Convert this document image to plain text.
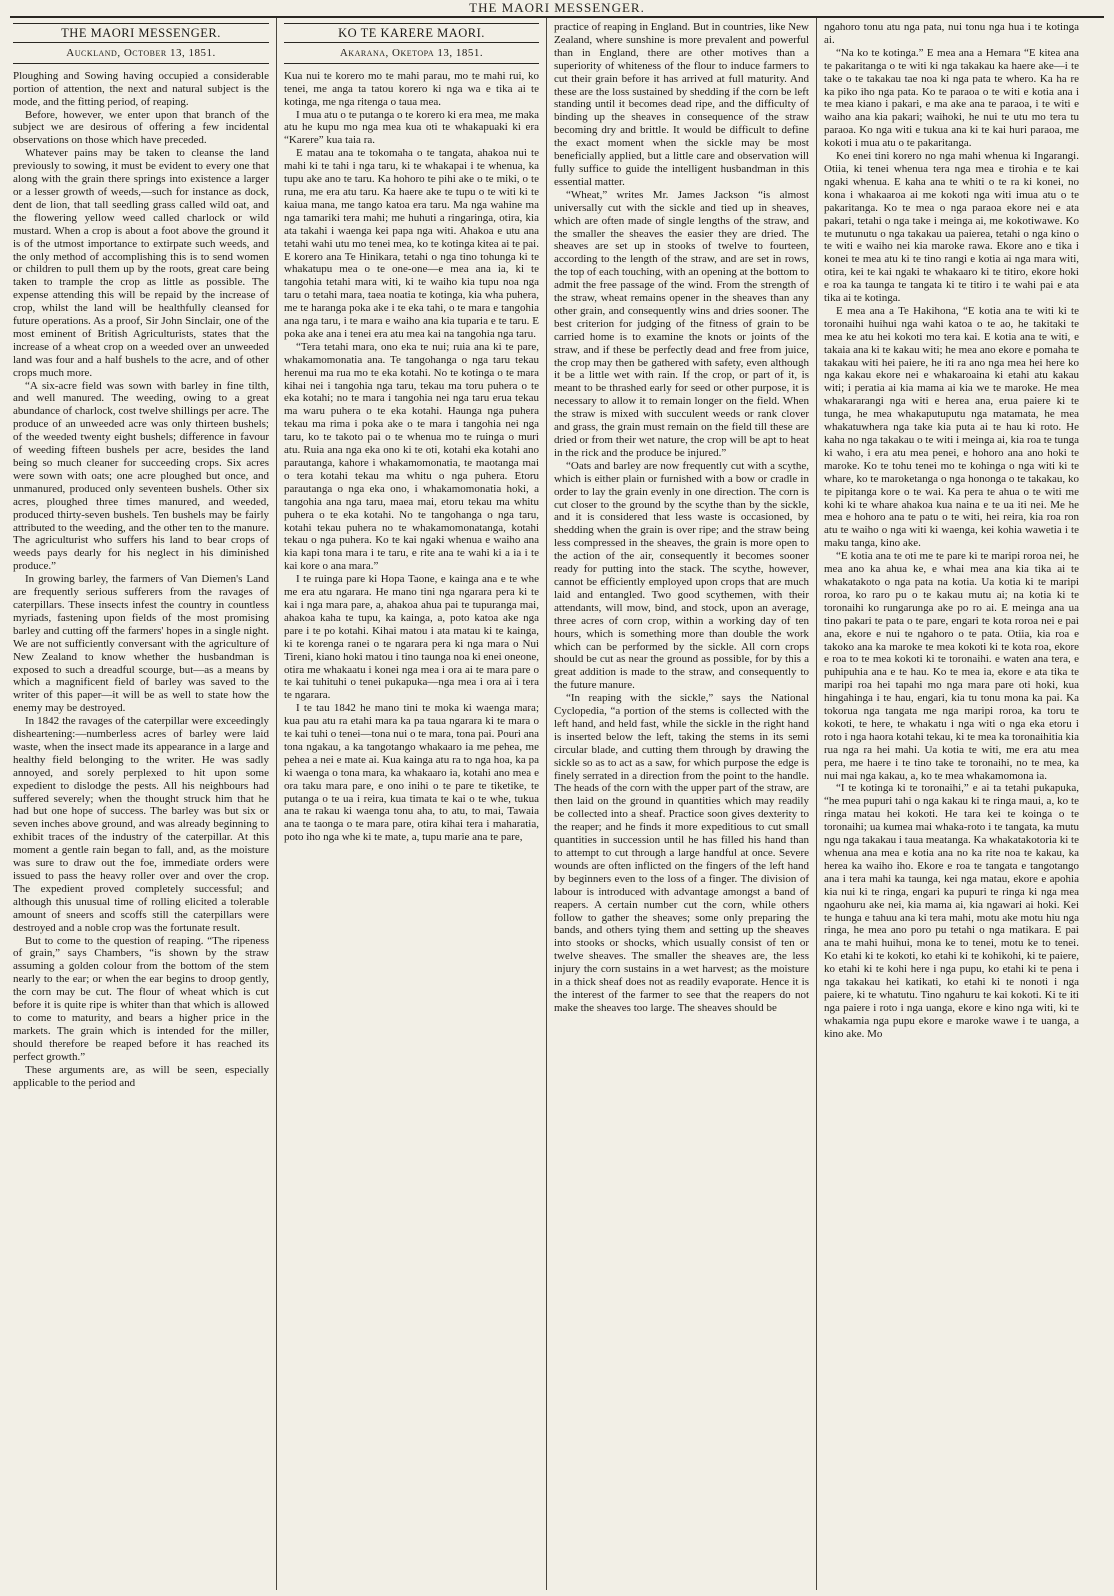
THE MAORI MESSENGER.
THE MAORI MESSENGER.
Auckland, October 13, 1851.

Ploughing and Sowing having occupied a considerable portion of attention, the next and natural subject is the mode, and the fitting period, of reaping.

Before, however, we enter upon that branch of the subject we are desirous of offering a few incidental observations on those which have preceded.

Whatever pains may be taken to cleanse the land previously to sowing, it must be evident to every one that along with the grain there springs into existence a larger or a lesser growth of weeds,—such for instance as dock, dent de lion, that tall seedling grass called wild oat, and the flowering yellow weed called charlock or wild mustard. When a crop is about a foot above the ground it is of the utmost importance to extirpate such weeds, and the only method of accomplishing this is to send women or children to pull them up by the roots, great care being taken to trample the crop as little as possible. The expense attending this will be repaid by the increase of crop, whilst the land will be healthfully cleansed for future operations. As a proof, Sir John Sinclair, one of the most eminent of British Agriculturists, states that the increase of a wheat crop on a weeded over an unweeded land was four and a half bushels to the acre, and of other crops much more.

“A six-acre field was sown with barley in fine tilth, and well manured. The weeding, owing to a great abundance of charlock, cost twelve shillings per acre. The produce of an unweeded acre was only thirteen bushels; of the weeded twenty eight bushels; difference in favour of weeding fifteen bushels per acre, besides the land being so much cleaner for succeeding crops. Six acres were sown with oats; one acre ploughed but once, and unmanured, produced only seventeen bushels. Other six acres, ploughed three times manured, and weeded, produced thirty-seven bushels. Ten bushels may be fairly attributed to the weeding, and the other ten to the manure. The agriculturist who suffers his land to bear crops of weeds pays dearly for his neglect in his diminished produce.”

In growing barley, the farmers of Van Diemen's Land are frequently serious sufferers from the ravages of caterpillars. These insects infest the country in countless myriads, fastening upon fields of the most promising barley and cutting off the farmers' hopes in a single night. We are not sufficiently conversant with the agriculture of New Zealand to know whether the husbandman is exposed to such a dreadful scourge, but—as a means by which a magnificent field of barley was saved to the writer of this paper—it will be as well to state how the enemy may be destroyed.

In 1842 the ravages of the caterpillar were exceedingly disheartening:—numberless acres of barley were laid waste, when the insect made its appearance in a large and healthy field belonging to the writer. He was sadly annoyed, and sorely perplexed to hit upon some expedient to dislodge the pests. All his neighbours had suffered severely; when the thought struck him that he had but one hope of success. The barley was but six or seven inches above ground, and was already beginning to exhibit traces of the industry of the caterpillar. At this moment a gentle rain began to fall, and, as the moisture was sure to draw out the foe, immediate orders were issued to pass the heavy roller over and over the crop. The expedient proved completely successful; and although this unusual time of rolling elicited a tolerable amount of sneers and scoffs still the caterpillars were destroyed and a noble crop was the fortunate result.

But to come to the question of reaping. “The ripeness of grain,” says Chambers, “is shown by the straw assuming a golden colour from the bottom of the stem nearly to the ear; or when the ear begins to droop gently, the corn may be cut. The flour of wheat which is cut before it is quite ripe is whiter than that which is allowed to come to maturity, and bears a higher price in the markets. The grain which is intended for the miller, should therefore be reaped before it has reached its perfect growth.”

These arguments are, as will be seen, especially applicable to the period and

KO TE KARERE MAORI.
Akarana, Oketopa 13, 1851.

Kua nui te korero mo te mahi parau, mo te mahi rui, ko tenei, me anga ta tatou korero ki nga wa e tika ai te kotinga, me nga ritenga o taua mea.

I mua atu o te putanga o te korero ki era mea, me maka atu he kupu mo nga mea kua oti te whakapuaki ki era “Karere” kua taia ra.

E matau ana te tokomaha o te tangata, ahakoa nui te mahi ki te tahi i nga taru, ki te whakapai i te whenua, ka tupu ake ano te taru. Ka hohoro te pihi ake o te miki, o te runa, me era atu taru. Ka haere ake te tupu o te witi ki te kaiua mana, me tango katoa era taru. Ma nga wahine ma nga tamariki tera mahi; me huhuti a ringaringa, otira, kia ata takahi i waenga kei papa nga witi. Ahakoa e utu ana tetahi wahi utu mo tenei mea, ko te kotinga kitea ai te pai. E korero ana Te Hinikara, tetahi o nga tino tohunga ki te whakatupu mea o te one-one—e mea ana ia, ki te tangohia tetahi mara witi, ki te waiho kia tupu noa nga taru o tetahi mara, taea noatia te kotinga, kia wha puhera, me te haranga poka ake i te eka tahi, o te mara e tangohia ana nga taru, i te mara e waiho ana kia tuparia e te taru. E poka ake ana i tenei era atu mea kai na tangohia nga taru.

“Tera tetahi mara, ono eka te nui; ruia ana ki te pare, whakamomonatia ana. Te tangohanga o nga taru tekau herenui ma rua mo te eka kotahi. No te kotinga o te mara kihai nei i tangohia nga taru, tekau ma toru puhera o te eka kotahi; no te mara i tangohia nei nga taru erua tekau ma waru puhera o te eka kotahi. Haunga nga puhera tekau ma rima i poka ake o te mara i tangohia nei nga taru, ko te takoto pai o te whenua mo te ruinga o muri atu. Ruia ana nga eka ono ki te oti, kotahi eka kotahi ano parautanga, kahore i whakamomonatia, te maotanga mai o tera kotahi tekau ma whitu o nga puhera. Etoru parautanga o nga eka ono, i whakamomonatia hoki, a tangohia ana nga taru, maea mai, etoru tekau ma whitu puhera o te eka kotahi. No te tangohanga o nga taru, kotahi tekau puhera no te whakamomonatanga, kotahi tekau o nga puhera. Ko te kai ngaki whenua e waiho ana kia kapi tona mara i te taru, e rite ana te wahi ki a ia i te kai kore o ana mara.”

I te ruinga pare ki Hopa Taone, e kainga ana e te whe me era atu ngarara. He mano tini nga ngarara pera ki te kai i nga mara pare, a, ahakoa ahua pai te tupuranga mai, ahakoa kaha te tupu, ka kainga, a, poto katoa ake nga pare i te po kotahi. Kihai matou i ata matau ki te kainga, ki te korenga ranei o te ngarara pera ki nga mara o Nui Tireni, kiano hoki matou i tino taunga noa ki enei oneone, otira me whakaatu i konei nga mea i ora ai te mara pare o te kai tuhituhi o tenei pukapuka—nga mea i ora ai i tera te ngarara.

I te tau 1842 he mano tini te moka ki waenga mara; kua pau atu ra etahi mara ka pa taua ngarara ki te mara o te kai tuhi o tenei—tona nui o te mara, tona pai. Pouri ana tona ngakau, a ka tangotango whakaaro ia me pehea, me pehea a nei e mate ai. Kua kainga atu ra to nga hoa, ka pa ki waenga o tona mara, ka whakaaro ia, kotahi ano mea e ora taku mara pare, e ono inihi o te pare te tiketike, te putanga o te ua i reira, kua timata te kai o te whe, tukua ana te rakau ki waenga tonu aha, to atu, to mai, Tawaia ana te taonga o te mara pare, otira kihai tera i maharatia, poto iho nga whe ki te mate, a, tupu marie ana te pare,

practice of reaping in England. But in countries, like New Zealand, where sunshine is more prevalent and powerful than in England, there are other motives than a superiority of whiteness of the flour to induce farmers to cut their grain before it has arrived at full maturity. And these are the loss sustained by shedding if the corn be left standing until it becomes dead ripe, and the difficulty of binding up the sheaves in consequence of the straw becoming dry and brittle. It would be difficult to define the exact moment when the sickle may be most beneficially applied, but a little care and observation will fully suffice to guide the intelligent husbandman in this essential matter.

“Wheat,” writes Mr. James Jackson “is almost universally cut with the sickle and tied up in sheaves, which are often made of single lengths of the straw, and the smaller the sheaves the easier they are dried. The sheaves are set up in stooks of twelve to fourteen, according to the length of the straw, and are set in rows, the top of each touching, with an opening at the bottom to admit the free passage of the wind. From the strength of the straw, wheat remains opener in the sheaves than any other grain, and consequently wins and dries sooner. The best criterion for judging of the fitness of grain to be carried home is to examine the knots or joints of the straw, and if these be perfectly dead and free from juice, the crop may then be gathered with safety, even although it be a little wet with rain. If the crop, or part of it, is meant to be thrashed early for seed or other purpose, it is necessary to allow it to remain longer on the field. When the straw is mixed with succulent weeds or rank clover and grass, the grain must remain on the field till these are dried or from their wet nature, the crop will be apt to heat in the rick and the produce be injured.”

“Oats and barley are now frequently cut with a scythe, which is either plain or furnished with a bow or cradle in order to lay the grain evenly in one direction. The corn is cut closer to the ground by the scythe than by the sickle, and it is considered that less waste is occasioned, by shedding when the grain is over ripe; and the straw being less compressed in the sheaves, the grain is more open to the action of the air, consequently it becomes sooner ready for putting into the stack. The scythe, however, cannot be efficiently employed upon crops that are much laid and entangled. Two good scythemen, with their attendants, will mow, bind, and stock, upon an average, three acres of corn crop, within a working day of ten hours, which is something more than double the work which can be performed by the sickle. All corn crops should be cut as near the ground as possible, for by this a great addition is made to the straw, and consequently to the future manure.

“In reaping with the sickle,” says the National Cyclopedia, “a portion of the stems is collected with the left hand, and held fast, while the sickle in the right hand is inserted below the left, taking the stems in its semi circular blade, and cutting them through by drawing the sickle so as to act as a saw, for which purpose the edge is finely serrated in a direction from the point to the handle. The heads of the corn with the upper part of the straw, are then laid on the ground in quantities which may readily be collected into a sheaf. Practice soon gives dexterity to the reaper; and he finds it more expeditious to cut small quantities in succession until he has filled his hand than to attempt to cut through a large handful at once. Severe wounds are often inflicted on the fingers of the left hand by beginners even to the loss of a finger. The division of labour is introduced with advantage amongst a band of reapers. A certain number cut the corn, while others follow to gather the sheaves; some only preparing the bands, and others tying them and setting up the sheaves into stooks or shocks, which usually consist of ten or twelve sheaves. The smaller the sheaves are, the less injury the corn sustains in a wet harvest; as the moisture in a thick sheaf does not as readily evaporate. Hence it is the interest of the farmer to see that the reapers do not make the sheaves too large. The sheaves should be

ngahoro tonu atu nga pata, nui tonu nga hua i te kotinga ai.

“Na ko te kotinga.” E mea ana a Hemara “E kitea ana te pakaritanga o te witi ki nga takakau ka haere ake—i te take o te takakau tae noa ki nga pata te whero. Ka ha re ka piko iho nga pata. Ko te paraoa o te witi e kotia ana i te mea kiano i pakari, e ma ake ana te paraoa, i te witi e waiho ana kia pakari; waihoki, he nui te utu mo tera tu paraoa. Ko nga witi e tukua ana ki te kai huri paraoa, me kokoti i mua atu o te pakaritanga.

Ko enei tini korero no nga mahi whenua ki Ingarangi. Otiia, ki tenei whenua tera nga mea e tirohia e te kai ngaki whenua. E kaha ana te whiti o te ra ki konei, no kona i whakaaroa ai me kokoti nga witi imua atu o te pakaritanga. Ko te mea o nga paraoa ekore nei e ata pakari, tetahi o nga take i meinga ai, me kokotiwawe. Ko te mutunutu o nga takakau ua paierea, tetahi o nga kino o te witi e waiho nei kia maroke rawa. Ekore ano e tika i konei te mea atu ki te tino rangi e kotia ai nga mara witi, otira, kei te kai ngaki te whakaaro ki te titiro, ekore hoki e roa ka taunga te tangata ki te titiro i te wahi pai e ata tika ai te kotinga.

E mea ana a Te Hakihona, “E kotia ana te witi ki te toronaihi huihui nga wahi katoa o te ao, he takitaki te mea ke atu hei kokoti mo tera kai. E kotia ana te witi, e takaia ana ki te kakau witi; he mea ano ekore e pomaha te takakau witi hei paiere, he iti ra ano nga mea hei here ko nga kakau ekore nei e whakaroaina ki etahi atu kakau witi; i peratia ai kia mama ai kia we te maroke. He mea whakararangi nga witi e herea ana, erua paiere ki te tunga, he mea whakaputuputu nga matamata, he mea whakatuwhera nga take kia puta ai te hau ki roto. He kaha no nga takakau o te witi i meinga ai, kia roa te tunga ki waho, i era atu mea penei, e hohoro ana ano hoki te maroke. Ko te tohu tenei mo te kohinga o nga witi ki te whare, ko te maroketanga o nga hononga o te takakau, ko te pipitanga kore o te wai. Ka pera te ahua o te witi me kohi ki te whare ahakoa kua naina e te ua iti nei. Me he mea e hohoro ana te patu o te witi, hei reira, kia roa ron atu te waiho o nga witi ki waenga, kei kohia wawetia i te maku tanga, kino ake.

“E kotia ana te oti me te pare ki te maripi roroa nei, he mea ano ka ahua ke, e whai mea ana kia tika ai te whakatakoto o nga pata na kotia. Ua kotia ki te maripi roroa, ko raro pu o te kakau mutu ai; na kotia ki te toronaihi ko rungarunga ake po ro ai. E meinga ana ua tino pakari te pata o te pare, engari te kota roroa nei e pai ana, ekore e nui te ngahoro o te pata. Otiia, kia roa e takoko ana ka maroke te mea kokoti ki te kota roa, ekore e roa to te mea kokoti ki te toronaihi. e waten ana tera, e puhipuhia ana e te hau. Ko te mea ia, ekore e ata tika te maripi roa hei tapahi mo nga mara pare oti hoki, kua hingahinga i te hau, engari, kia tu tonu mona ka pai. Ka tokorua nga tangata me nga maripi roroa, ka toru te kokoti, te here, te whakatu i nga witi o nga eka etoru i roto i nga haora kotahi tekau, ki te mea ka toronaihitia kia rua nga ra hei mahi. Ua kotia te witi, me era atu mea pera, me haere i te tino take te toronaihi, no te mea, ka nui mai nga kakau, a, ko te mea whakamomona ia.

“I te kotinga ki te toronaihi,” e ai ta tetahi pukapuka, “he mea pupuri tahi o nga kakau ki te ringa maui, a, ko te ringa matau hei kokoti. He tara kei te koinga o te toronaihi; ua kumea mai whaka-roto i te tangata, ka mutu ngu nga takakau i taua meatanga. Ka whakatakotoria ki te whenua ana mea e kotia ana no ka rite noa te kakau, ka herea ka waiho iho. Ekore e roa te tangata e tangotango ana i tera mahi ka taunga, kei nga matau, ekore e apohia kia nui ki te ringa, engari ka pupuri te ringa ki nga mea ngaohuru ake nei, kia mama ai, kia ngawari ai hoki. Kei te hunga e tahuu ana ki tera mahi, motu ake motu hiu nga ringa, he mea ano poro pu tetahi o nga matikara. E pai ana te mahi huihui, mona ke to tenei, motu ke to tenei. Ko etahi ki te kokoti, ko etahi ki te kohikohi, ki te paiere, ko etahi ki te kohi here i nga pupu, ko etahi ki te pena i nga takakau hei katikati, ko etahi ki te nonoti i nga paiere, ki te whatutu. Tino ngahuru te kai kokoti. Ki te iti nga paiere i roto i nga uanga, ekore e kino nga witi, ki te whakamia nga pupu ekore e maroke wawe i te uanga, a kino ake. Mo
